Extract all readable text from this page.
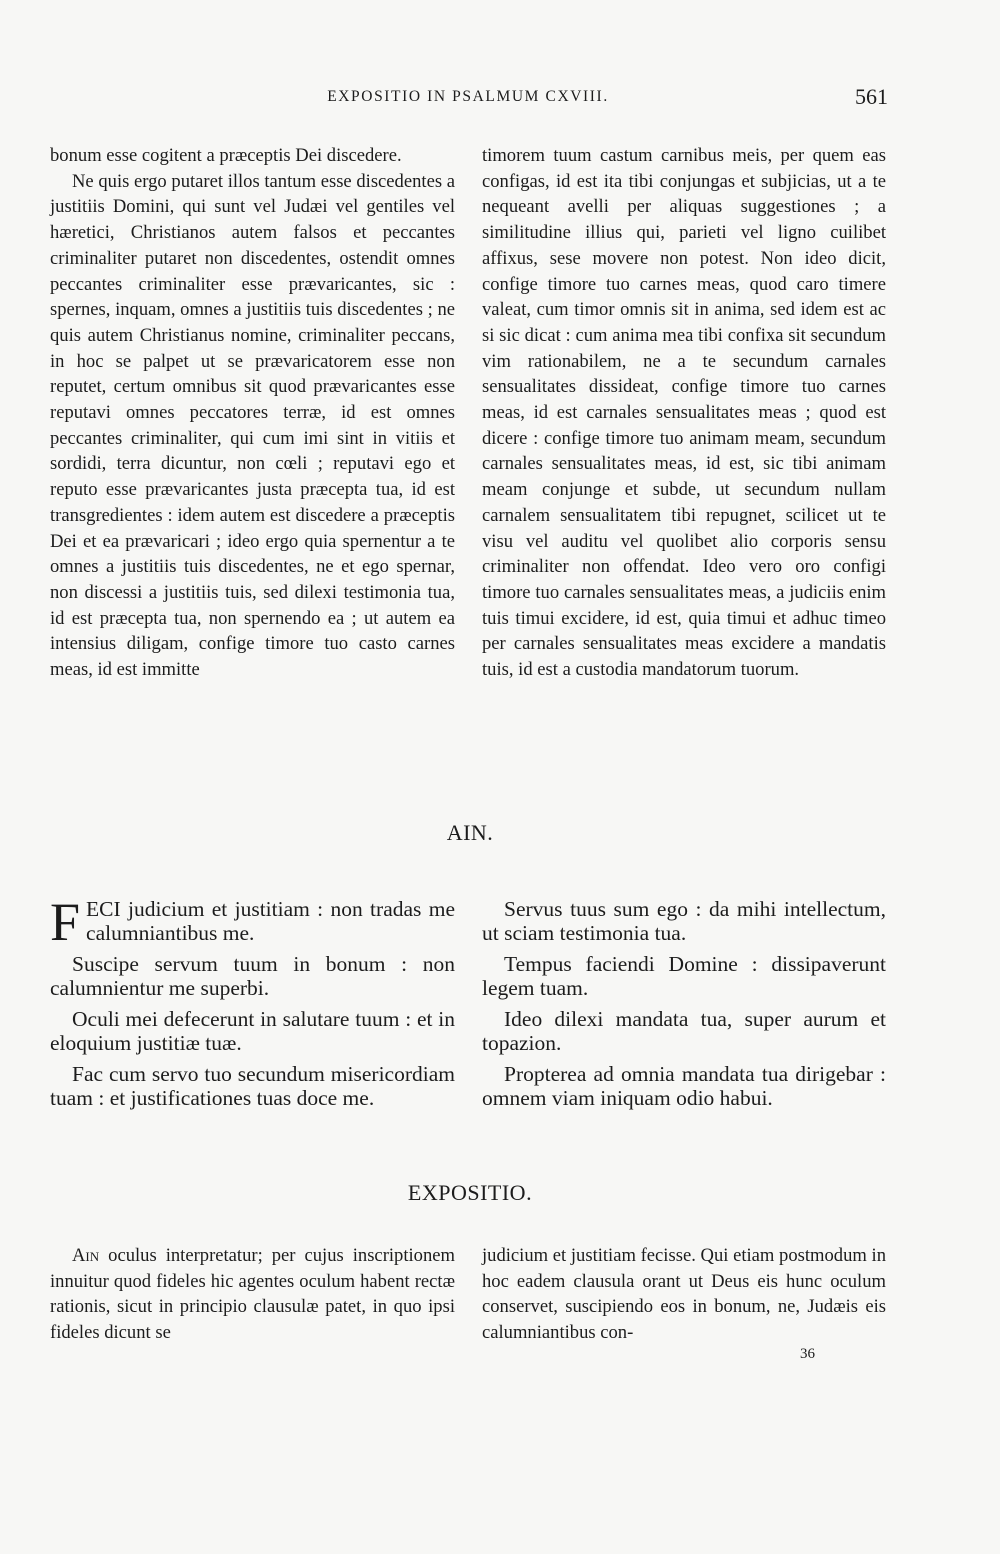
EXPOSITIO IN PSALMUM CXVIII.	561

bonum esse cogitent a præceptis Dei discedere.

Ne quis ergo putaret illos tantum esse discedentes a justitiis Domini, qui sunt vel Judæi vel gentiles vel hæretici, Christianos autem falsos et peccantes criminaliter putaret non discedentes, ostendit omnes peccantes criminaliter esse prævaricantes, sic : spernes, inquam, omnes a justitiis tuis discedentes ; ne quis autem Christianus nomine, criminaliter peccans, in hoc se palpet ut se prævaricatorem esse non reputet, certum omnibus sit quod prævaricantes esse reputavi omnes peccatores terræ, id est omnes peccantes criminaliter, qui cum imi sint in vitiis et sordidi, terra dicuntur, non cœli ; reputavi ego et reputo esse prævaricantes justa præcepta tua, id est transgredientes : idem autem est discedere a præceptis Dei et ea prævaricari ; ideo ergo quia spernentur a te omnes a justitiis tuis discedentes, ne et ego spernar, non discessi a justitiis tuis, sed dilexi testimonia tua, id est præcepta tua, non spernendo ea ; ut autem ea intensius diligam, confige timore tuo casto carnes meas, id est immitte

timorem tuum castum carnibus meis, per quem eas configas, id est ita tibi conjungas et subjicias, ut a te nequeant avelli per aliquas suggestiones ; a similitudine illius qui, parieti vel ligno cuilibet affixus, sese movere non potest. Non ideo dicit, confige timore tuo carnes meas, quod caro timere valeat, cum timor omnis sit in anima, sed idem est ac si sic dicat : cum anima mea tibi confixa sit secundum vim rationabilem, ne a te secundum carnales sensualitates dissideat, confige timore tuo carnes meas, id est carnales sensualitates meas ; quod est dicere : confige timore tuo animam meam, secundum carnales sensualitates meas, id est, sic tibi animam meam conjunge et subde, ut secundum nullam carnalem sensualitatem tibi repugnet, scilicet ut te visu vel auditu vel quolibet alio corporis sensu criminaliter non offendat. Ideo vero oro configi timore tuo carnales sensualitates meas, a judiciis enim tuis timui excidere, id est, quia timui et adhuc timeo per carnales sensualitates meas excidere a mandatis tuis, id est a custodia mandatorum tuorum.

AIN.

FECI judicium et justitiam : non tradas me calumniantibus me.

Suscipe servum tuum in bonum : non calumnientur me superbi.

Oculi mei defecerunt in salutare tuum : et in eloquium justitiæ tuæ.

Fac cum servo tuo secundum misericordiam tuam : et justificationes tuas doce me.

Servus tuus sum ego : da mihi intellectum, ut sciam testimonia tua.

Tempus faciendi Domine : dissipaverunt legem tuam.

Ideo dilexi mandata tua, super aurum et topazion.

Propterea ad omnia mandata tua dirigebar : omnem viam iniquam odio habui.

EXPOSITIO.

Ain oculus interpretatur; per cujus inscriptionem innuitur quod fideles hic agentes oculum habent rectæ rationis, sicut in principio clausulæ patet, in quo ipsi fideles dicunt se

judicium et justitiam fecisse. Qui etiam postmodum in hoc eadem clausula orant ut Deus eis hunc oculum conservet, suscipiendo eos in bonum, ne, Judæis eis calumniantibus con-

36
